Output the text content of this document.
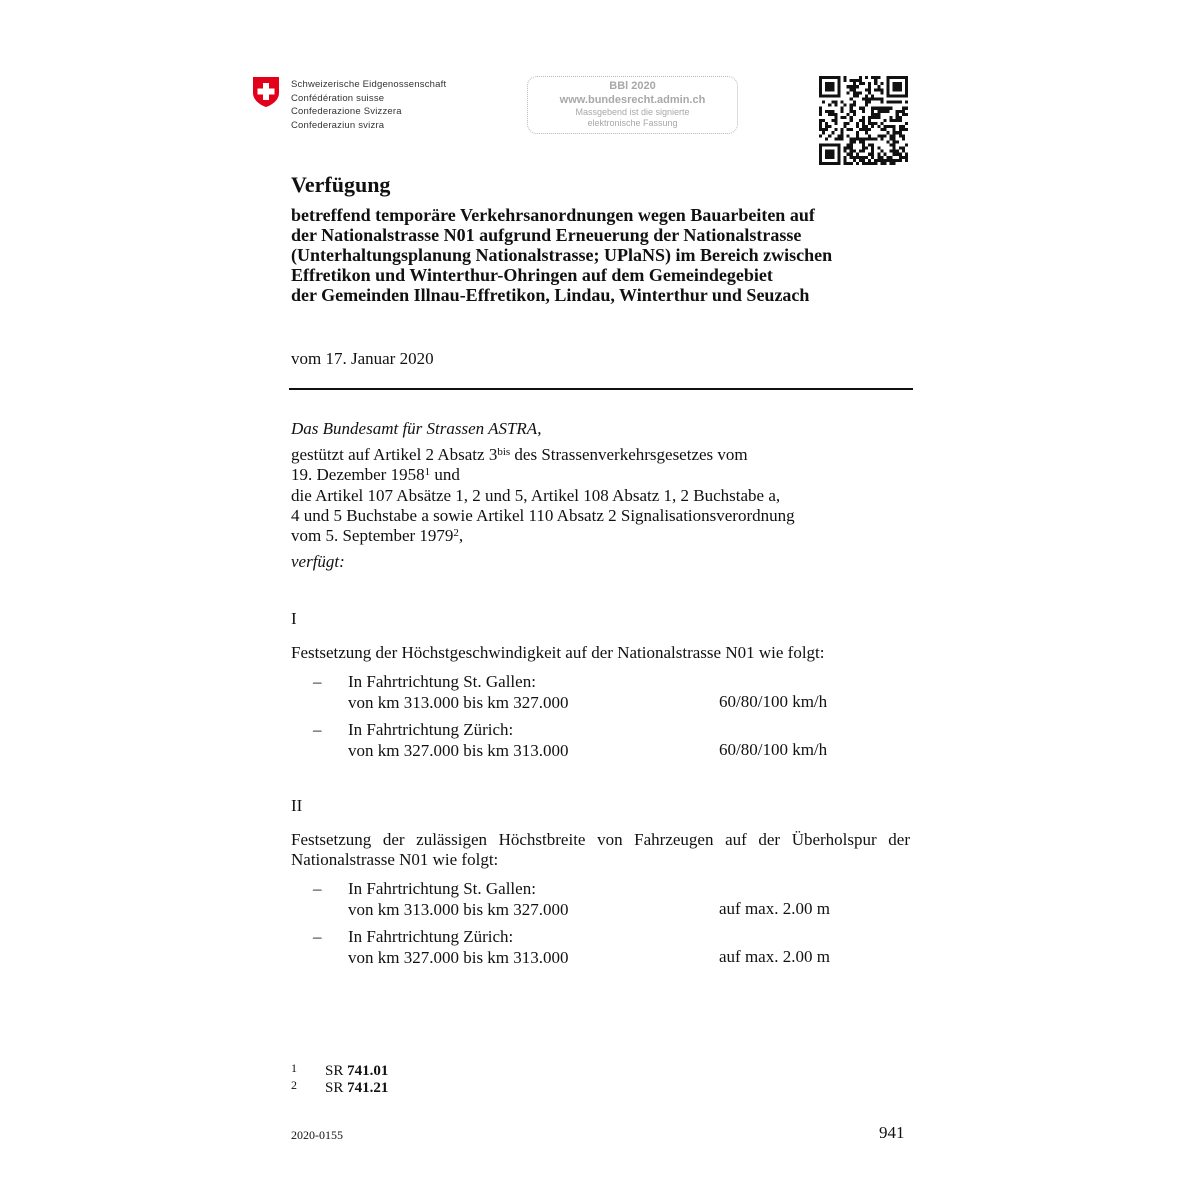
Schweizerische Eidgenossenschaft
Confédération suisse
Confederazione Svizzera
Confederaziun svizra
BBl 2020
www.bundesrecht.admin.ch
Massgebend ist die signierte
elektronische Fassung
Verfügung
betreffend temporäre Verkehrsanordnungen wegen Bauarbeiten auf
der Nationalstrasse N01 aufgrund Erneuerung der Nationalstrasse
(Unterhaltungsplanung Nationalstrasse; UPlaNS) im Bereich zwischen
Effretikon und Winterthur-Ohringen auf dem Gemeindegebiet
der Gemeinden Illnau-Effretikon, Lindau, Winterthur und Seuzach
vom 17. Januar 2020
Das Bundesamt für Strassen ASTRA,
gestützt auf Artikel 2 Absatz $3^{bis}$ des Strassenverkehrsgesetzes vom
19. Dezember 1958$^1$ und
die Artikel 107 Absätze 1, 2 und 5, Artikel 108 Absatz 1, 2 Buchstabe a,
4 und 5 Buchstabe a sowie Artikel 110 Absatz 2 Signalisationsverordnung
vom 5. September 1979$^2$,
verfügt:
I
Festsetzung der Höchstgeschwindigkeit auf der Nationalstrasse N01 wie folgt:
– In Fahrtrichtung St. Gallen:
von km 313.000 bis km 327.000	60/80/100 km/h
– In Fahrtrichtung Zürich:
von km 327.000 bis km 313.000	60/80/100 km/h
II
Festsetzung der zulässigen Höchstbreite von Fahrzeugen auf der Überholspur der Nationalstrasse N01 wie folgt:
– In Fahrtrichtung St. Gallen:
von km 313.000 bis km 327.000	auf max. 2.00 m
– In Fahrtrichtung Zürich:
von km 327.000 bis km 313.000	auf max. 2.00 m
1 SR 741.01
2 SR 741.21
2020-0155	941
